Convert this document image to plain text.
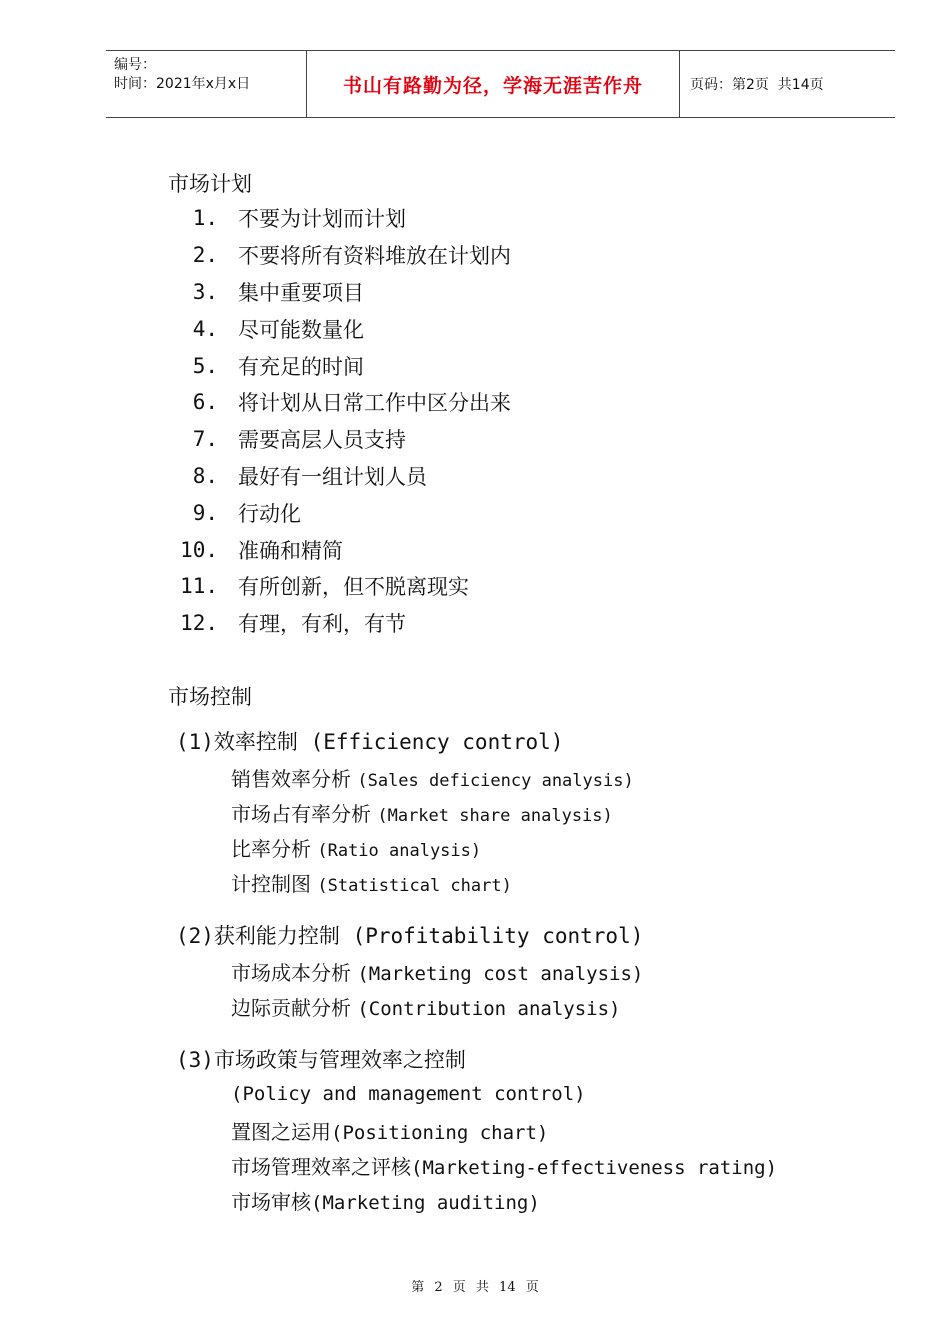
编号：
时间：2021年x月x日	书山有路勤为径，学海无涯苦作舟	页码：第2页  共14页
市场计划
1. 不要为计划而计划
2. 不要将所有资料堆放在计划内
3. 集中重要项目
4. 尽可能数量化
5. 有充足的时间
6. 将计划从日常工作中区分出来
7. 需要高层人员支持
8. 最好有一组计划人员
9. 行动化
10. 准确和精简
11. 有所创新，但不脱离现实
12. 有理，有利，有节
市场控制
(1)效率控制 (Efficiency control)
销售效率分析 (Sales deficiency analysis)
市场占有率分析 (Market share analysis)
比率分析 (Ratio analysis)
计控制图 (Statistical chart)
(2)获利能力控制 (Profitability control)
市场成本分析 (Marketing cost analysis)
边际贡献分析 (Contribution analysis)
(3)市场政策与管理效率之控制
(Policy and management control)
置图之运用(Positioning chart)
市场管理效率之评核(Marketing-effectiveness rating)
市场审核(Marketing auditing)
第 2 页 共 14 页
